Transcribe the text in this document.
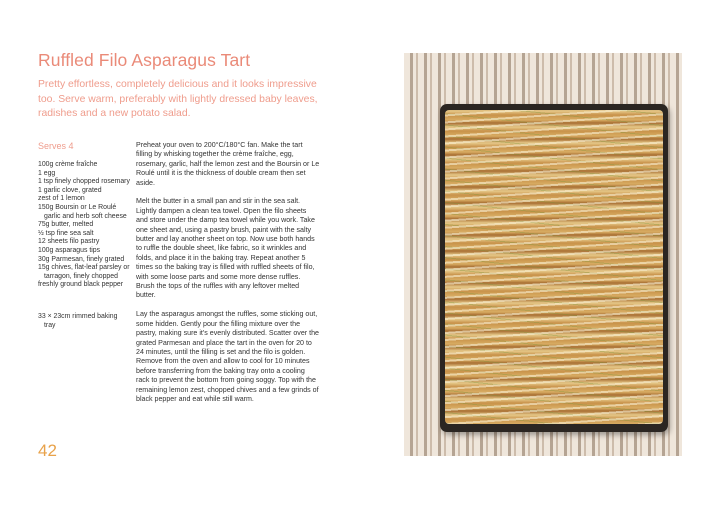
Ruffled Filo Asparagus Tart

Pretty effortless, completely delicious and it looks impressive too. Serve warm, preferably with lightly dressed baby leaves, radishes and a new potato salad.

Serves 4

100g crème fraîche
1 egg
1 tsp finely chopped rosemary
1 garlic clove, grated
zest of 1 lemon
150g Boursin or Le Roulé garlic and herb soft cheese
75g butter, melted
½ tsp fine sea salt
12 sheets filo pastry
100g asparagus tips
30g Parmesan, finely grated
15g chives, flat-leaf parsley or tarragon, finely chopped
freshly ground black pepper

33 × 23cm rimmed baking tray

Preheat your oven to 200°C/180°C fan. Make the tart filling by whisking together the crème fraîche, egg, rosemary, garlic, half the lemon zest and the Boursin or Le Roulé until it is the thickness of double cream then set aside.

Melt the butter in a small pan and stir in the sea salt. Lightly dampen a clean tea towel. Open the filo sheets and store under the damp tea towel while you work. Take one sheet and, using a pastry brush, paint with the salty butter and lay another sheet on top. Now use both hands to ruffle the double sheet, like fabric, so it wrinkles and folds, and place it in the baking tray. Repeat another 5 times so the baking tray is filled with ruffled sheets of filo, with some loose parts and some more dense ruffles. Brush the tops of the ruffles with any leftover melted butter.

Lay the asparagus amongst the ruffles, some sticking out, some hidden. Gently pour the filling mixture over the pastry, making sure it's evenly distributed. Scatter over the grated Parmesan and place the tart in the oven for 20 to 24 minutes, until the filling is set and the filo is golden. Remove from the oven and allow to cool for 10 minutes before transferring from the baking tray onto a cooling rack to prevent the bottom from going soggy. Top with the remaining lemon zest, chopped chives and a few grinds of black pepper and eat while still warm.

42
